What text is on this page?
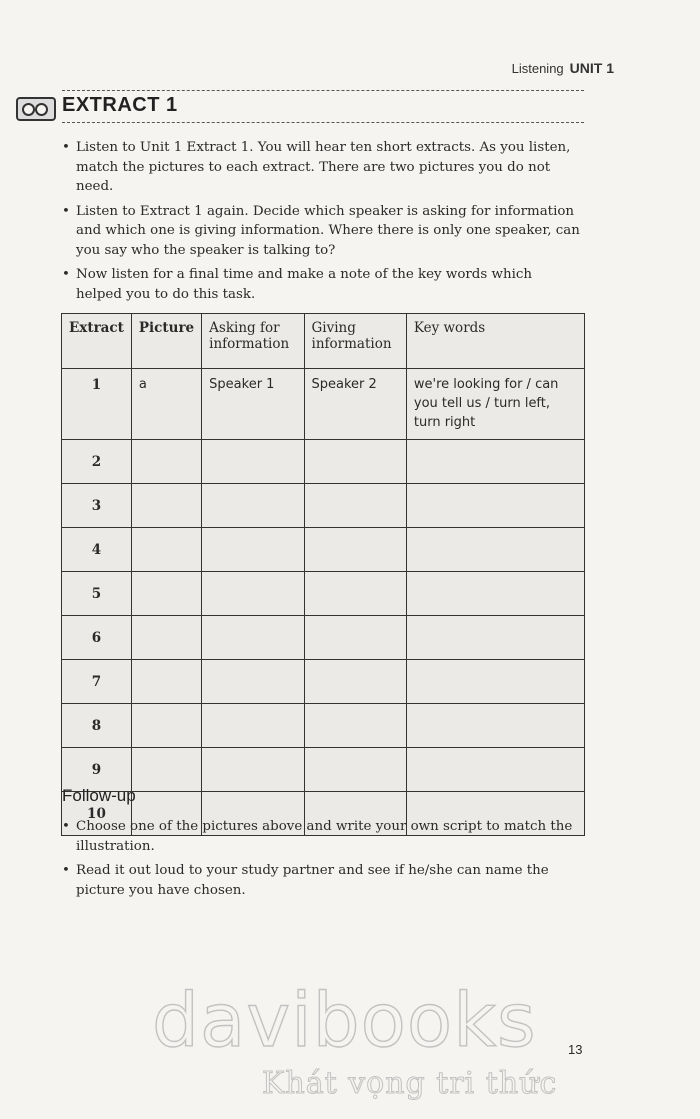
Listening UNIT 1
EXTRACT 1
• Listen to Unit 1 Extract 1. You will hear ten short extracts. As you listen, match the pictures to each extract. There are two pictures you do not need.
• Listen to Extract 1 again. Decide which speaker is asking for information and which one is giving information. Where there is only one speaker, can you say who the speaker is talking to?
• Now listen for a final time and make a note of the key words which helped you to do this task.
Extract	Picture	Asking for information	Giving information	Key words
1	a	Speaker 1	Speaker 2	we're looking for / can you tell us / turn left, turn right
2				
3				
4				
5				
6				
7				
8				
9				
10				
Follow-up
• Choose one of the pictures above and write your own script to match the illustration.
• Read it out loud to your study partner and see if he/she can name the picture you have chosen.
davibooks
Khát vọng tri thức
13
